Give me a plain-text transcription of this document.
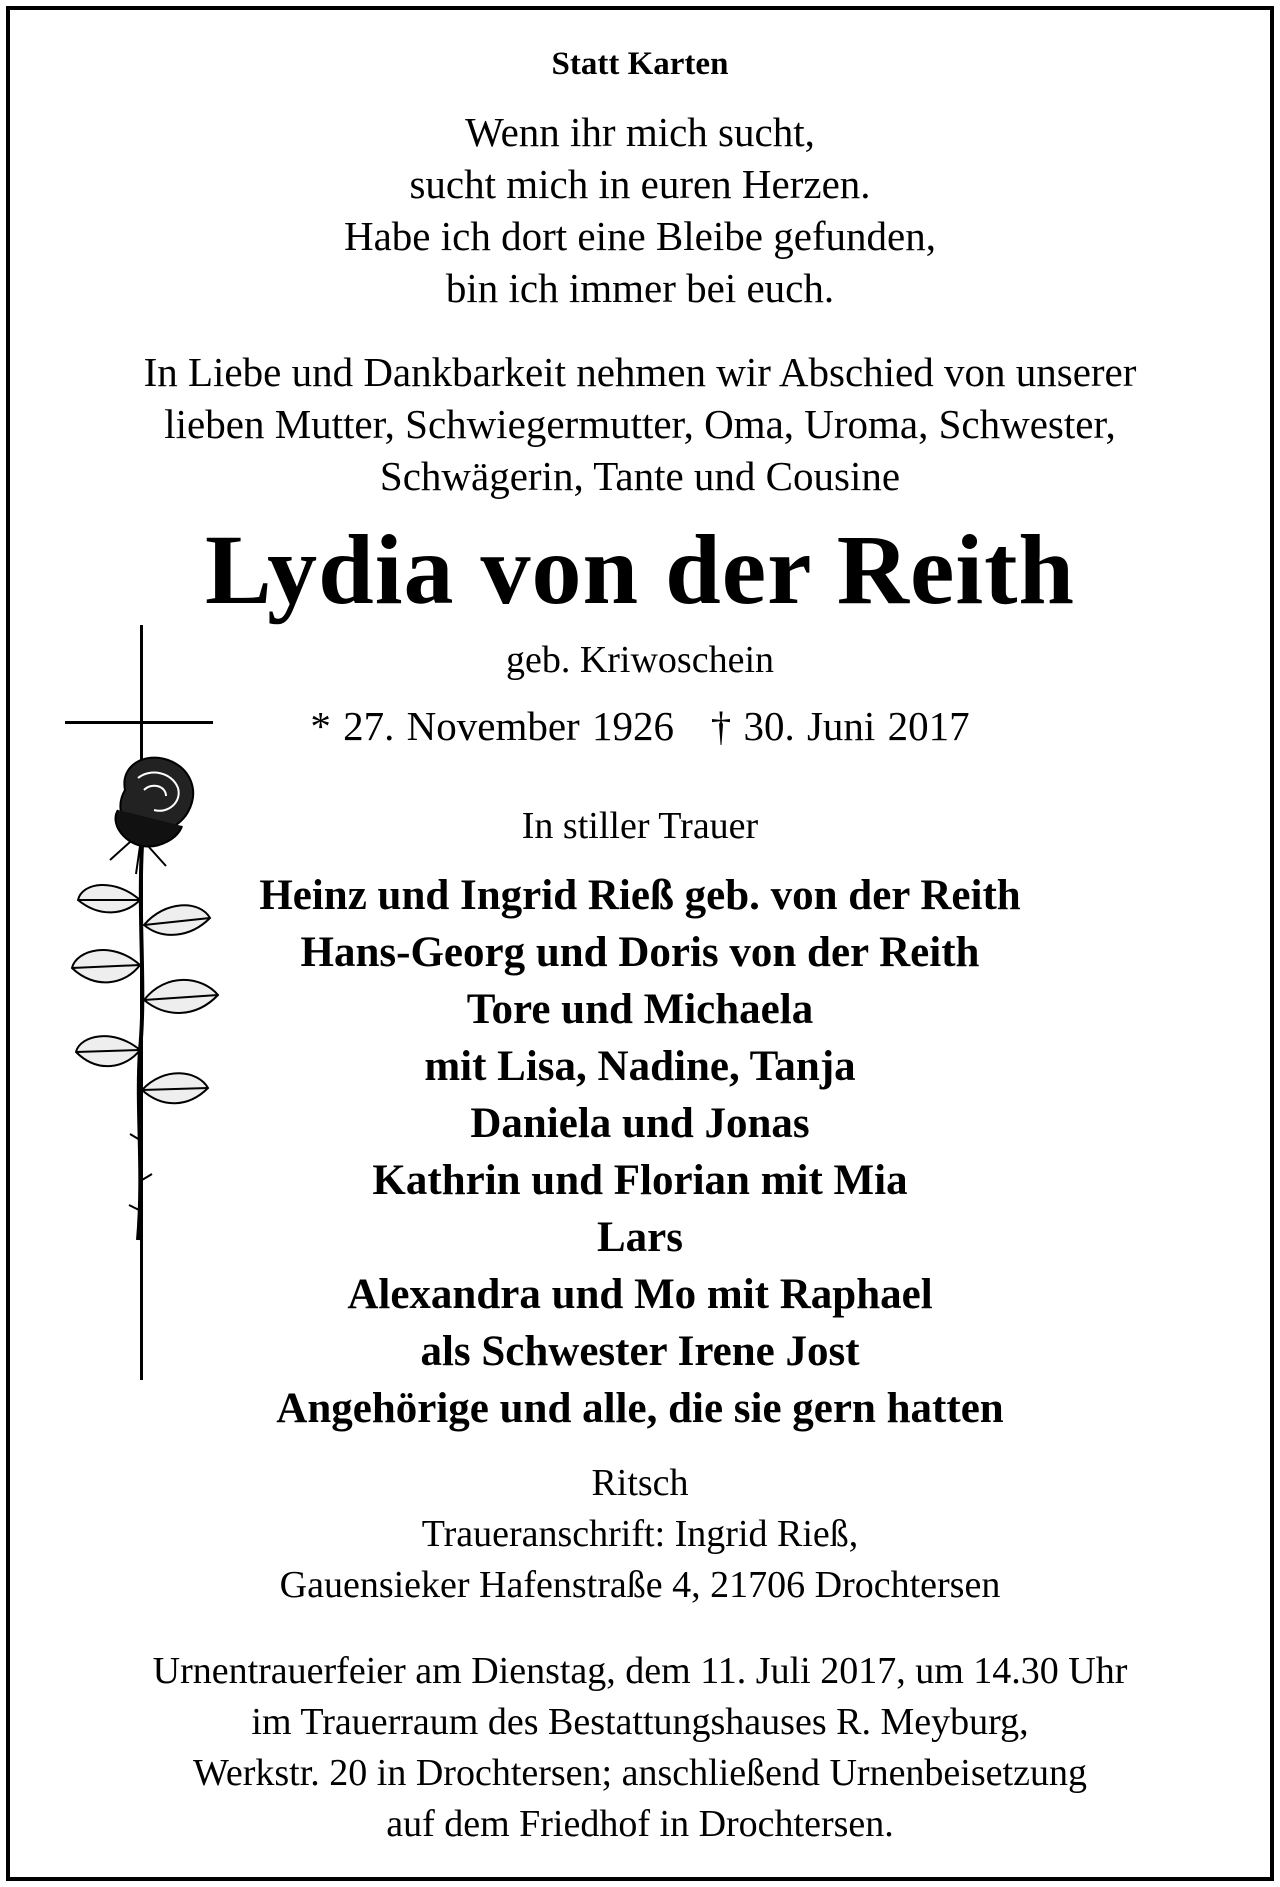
Statt Karten
Wenn ihr mich sucht,
sucht mich in euren Herzen.
Habe ich dort eine Bleibe gefunden,
bin ich immer bei euch.
In Liebe und Dankbarkeit nehmen wir Abschied von unserer
lieben Mutter, Schwiegermutter, Oma, Uroma, Schwester,
Schwägerin, Tante und Cousine
Lydia von der Reith
geb. Kriwoschein
* 27. November 1926 † 30. Juni 2017
In stiller Trauer
Heinz und Ingrid Rieß geb. von der Reith
Hans-Georg und Doris von der Reith
Tore und Michaela
mit Lisa, Nadine, Tanja
Daniela und Jonas
Kathrin und Florian mit Mia
Lars
Alexandra und Mo mit Raphael
als Schwester Irene Jost
Angehörige und alle, die sie gern hatten
Ritsch
Traueranschrift: Ingrid Rieß,
Gauensieker Hafenstraße 4, 21706 Drochtersen
Urnentrauerfeier am Dienstag, dem 11. Juli 2017, um 14.30 Uhr
im Trauerraum des Bestattungshauses R. Meyburg,
Werkstr. 20 in Drochtersen; anschließend Urnenbeisetzung
auf dem Friedhof in Drochtersen.
